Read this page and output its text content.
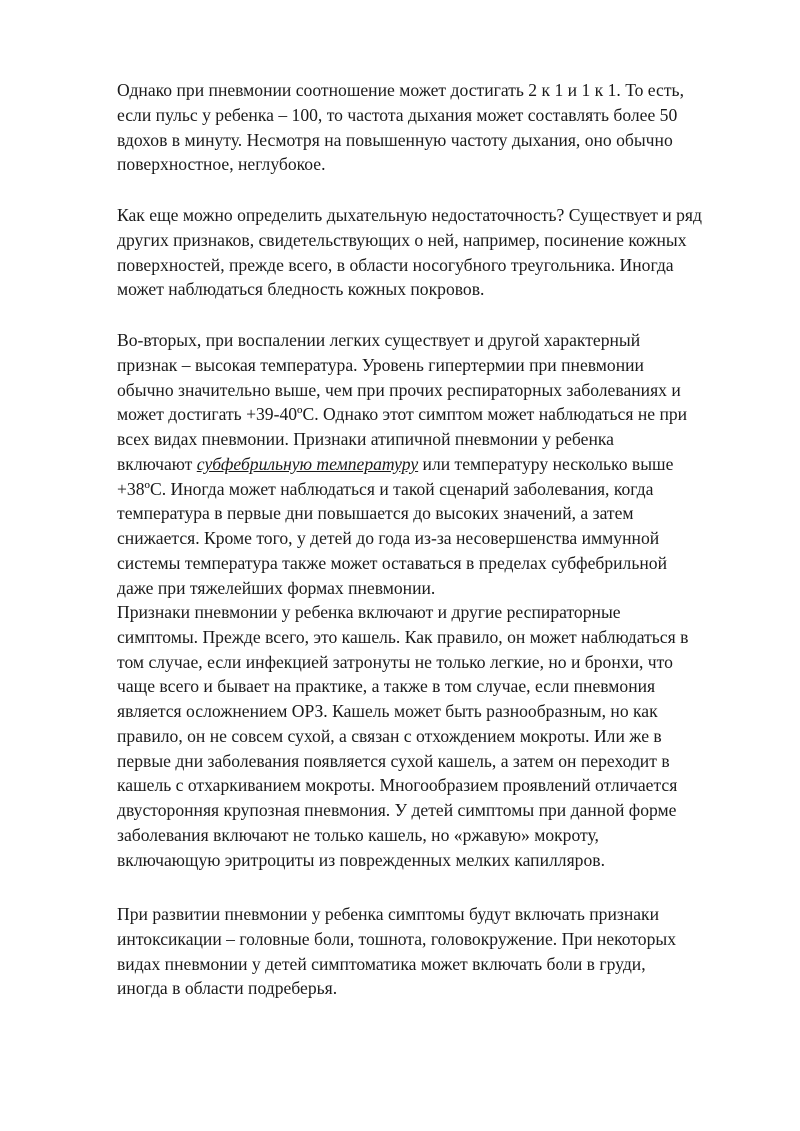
Однако при пневмонии соотношение может достигать 2 к 1 и 1 к 1. То есть,
если пульс у ребенка – 100, то частота дыхания может составлять более 50
вдохов в минуту. Несмотря на повышенную частоту дыхания, оно обычно
поверхностное, неглубокое.
Как еще можно определить дыхательную недостаточность? Существует и ряд
других признаков, свидетельствующих о ней, например, посинение кожных
поверхностей, прежде всего, в области носогубного треугольника. Иногда
может наблюдаться бледность кожных покровов.
Во-вторых, при воспалении легких существует и другой характерный
признак – высокая температура. Уровень гипертермии при пневмонии
обычно значительно выше, чем при прочих респираторных заболеваниях и
может достигать +39-40ºС. Однако этот симптом может наблюдаться не при
всех видах пневмонии. Признаки атипичной пневмонии у ребенка
включают субфебрильную температуру или температуру несколько выше
+38ºС. Иногда может наблюдаться и такой сценарий заболевания, когда
температура в первые дни повышается до высоких значений, а затем
снижается. Кроме того, у детей до года из-за несовершенства иммунной
системы температура также может оставаться в пределах субфебрильной
даже при тяжелейших формах пневмонии.
Признаки пневмонии у ребенка включают и другие респираторные
симптомы. Прежде всего, это кашель. Как правило, он может наблюдаться в
том случае, если инфекцией затронуты не только легкие, но и бронхи, что
чаще всего и бывает на практике, а также в том случае, если пневмония
является осложнением ОРЗ. Кашель может быть разнообразным, но как
правило, он не совсем сухой, а связан с отхождением мокроты. Или же в
первые дни заболевания появляется сухой кашель, а затем он переходит в
кашель с отхаркиванием мокроты. Многообразием проявлений отличается
двусторонняя крупозная пневмония. У детей симптомы при данной форме
заболевания включают не только кашель, но «ржавую» мокроту,
включающую эритроциты из поврежденных мелких капилляров.
При развитии пневмонии у ребенка симптомы будут включать признаки
интоксикации – головные боли, тошнота, головокружение. При некоторых
видах пневмонии у детей симптоматика может включать боли в груди,
иногда в области подреберья.
